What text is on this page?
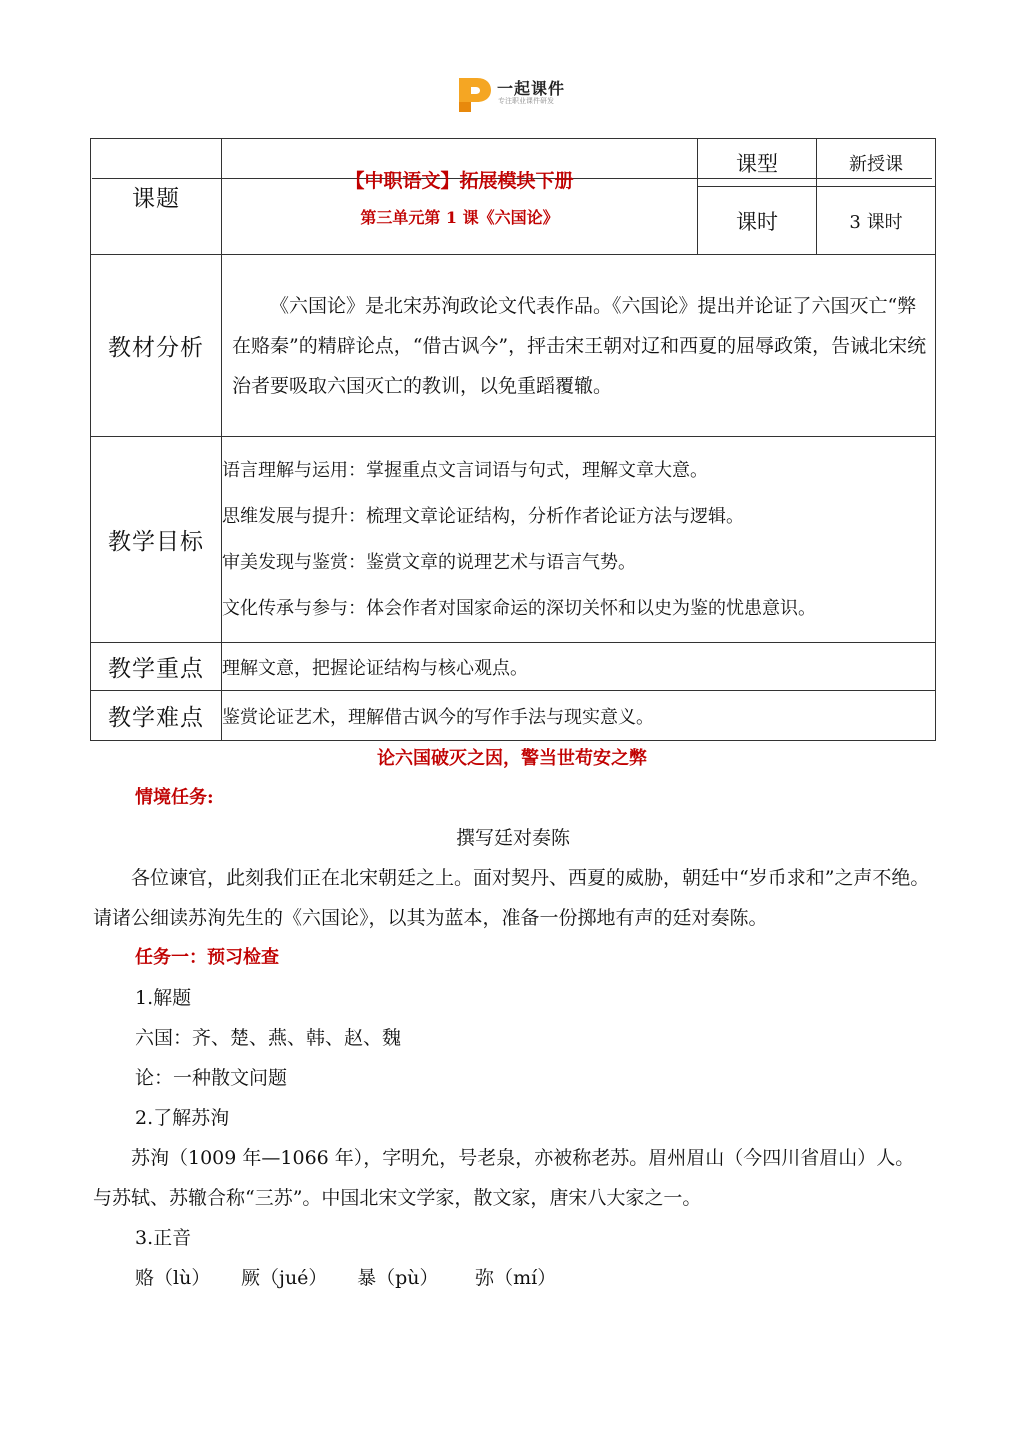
一起课件
专注职业课件研发
课题	【中职语文】拓展模块下册
第三单元第 1 课《六国论》	课型	新授课
		课时	3 课时
教材分析	《六国论》是北宋苏洵政论文代表作品。《六国论》提出并论证了六国灭亡“弊在赂秦”的精辟论点，“借古讽今”，抨击宋王朝对辽和西夏的屈辱政策，告诫北宋统治者要吸取六国灭亡的教训，以免重蹈覆辙。		

教学目标	语言理解与运用：掌握重点文言词语与句式，理解文章大意。
思维发展与提升：梳理文章论证结构，分析作者论证方法与逻辑。
审美发现与鉴赏：鉴赏文章的说理艺术与语言气势。
文化传承与参与：体会作者对国家命运的深切关怀和以史为鉴的忧患意识。		

教学重点	理解文意，把握论证结构与核心观点。		
教学难点	鉴赏论证艺术，理解借古讽今的写作手法与现实意义。		
论六国破灭之因，警当世苟安之弊
情境任务:
撰写廷对奏陈
各位谏官，此刻我们正在北宋朝廷之上。面对契丹、西夏的威胁，朝廷中“岁币求和”之声不绝。请诸公细读苏洵先生的《六国论》，以其为蓝本，准备一份掷地有声的廷对奏陈。
任务一：预习检查
1.解题
六国：齐、楚、燕、韩、赵、魏
论：一种散文问题
2.了解苏洵
苏洵（1009 年—1066 年），字明允，号老泉，亦被称老苏。眉州眉山（今四川省眉山）人。与苏轼、苏辙合称“三苏”。中国北宋文学家，散文家，唐宋八大家之一。
3.正音
赂（lù） 厥（jué） 暴（pù） 弥（mí）
